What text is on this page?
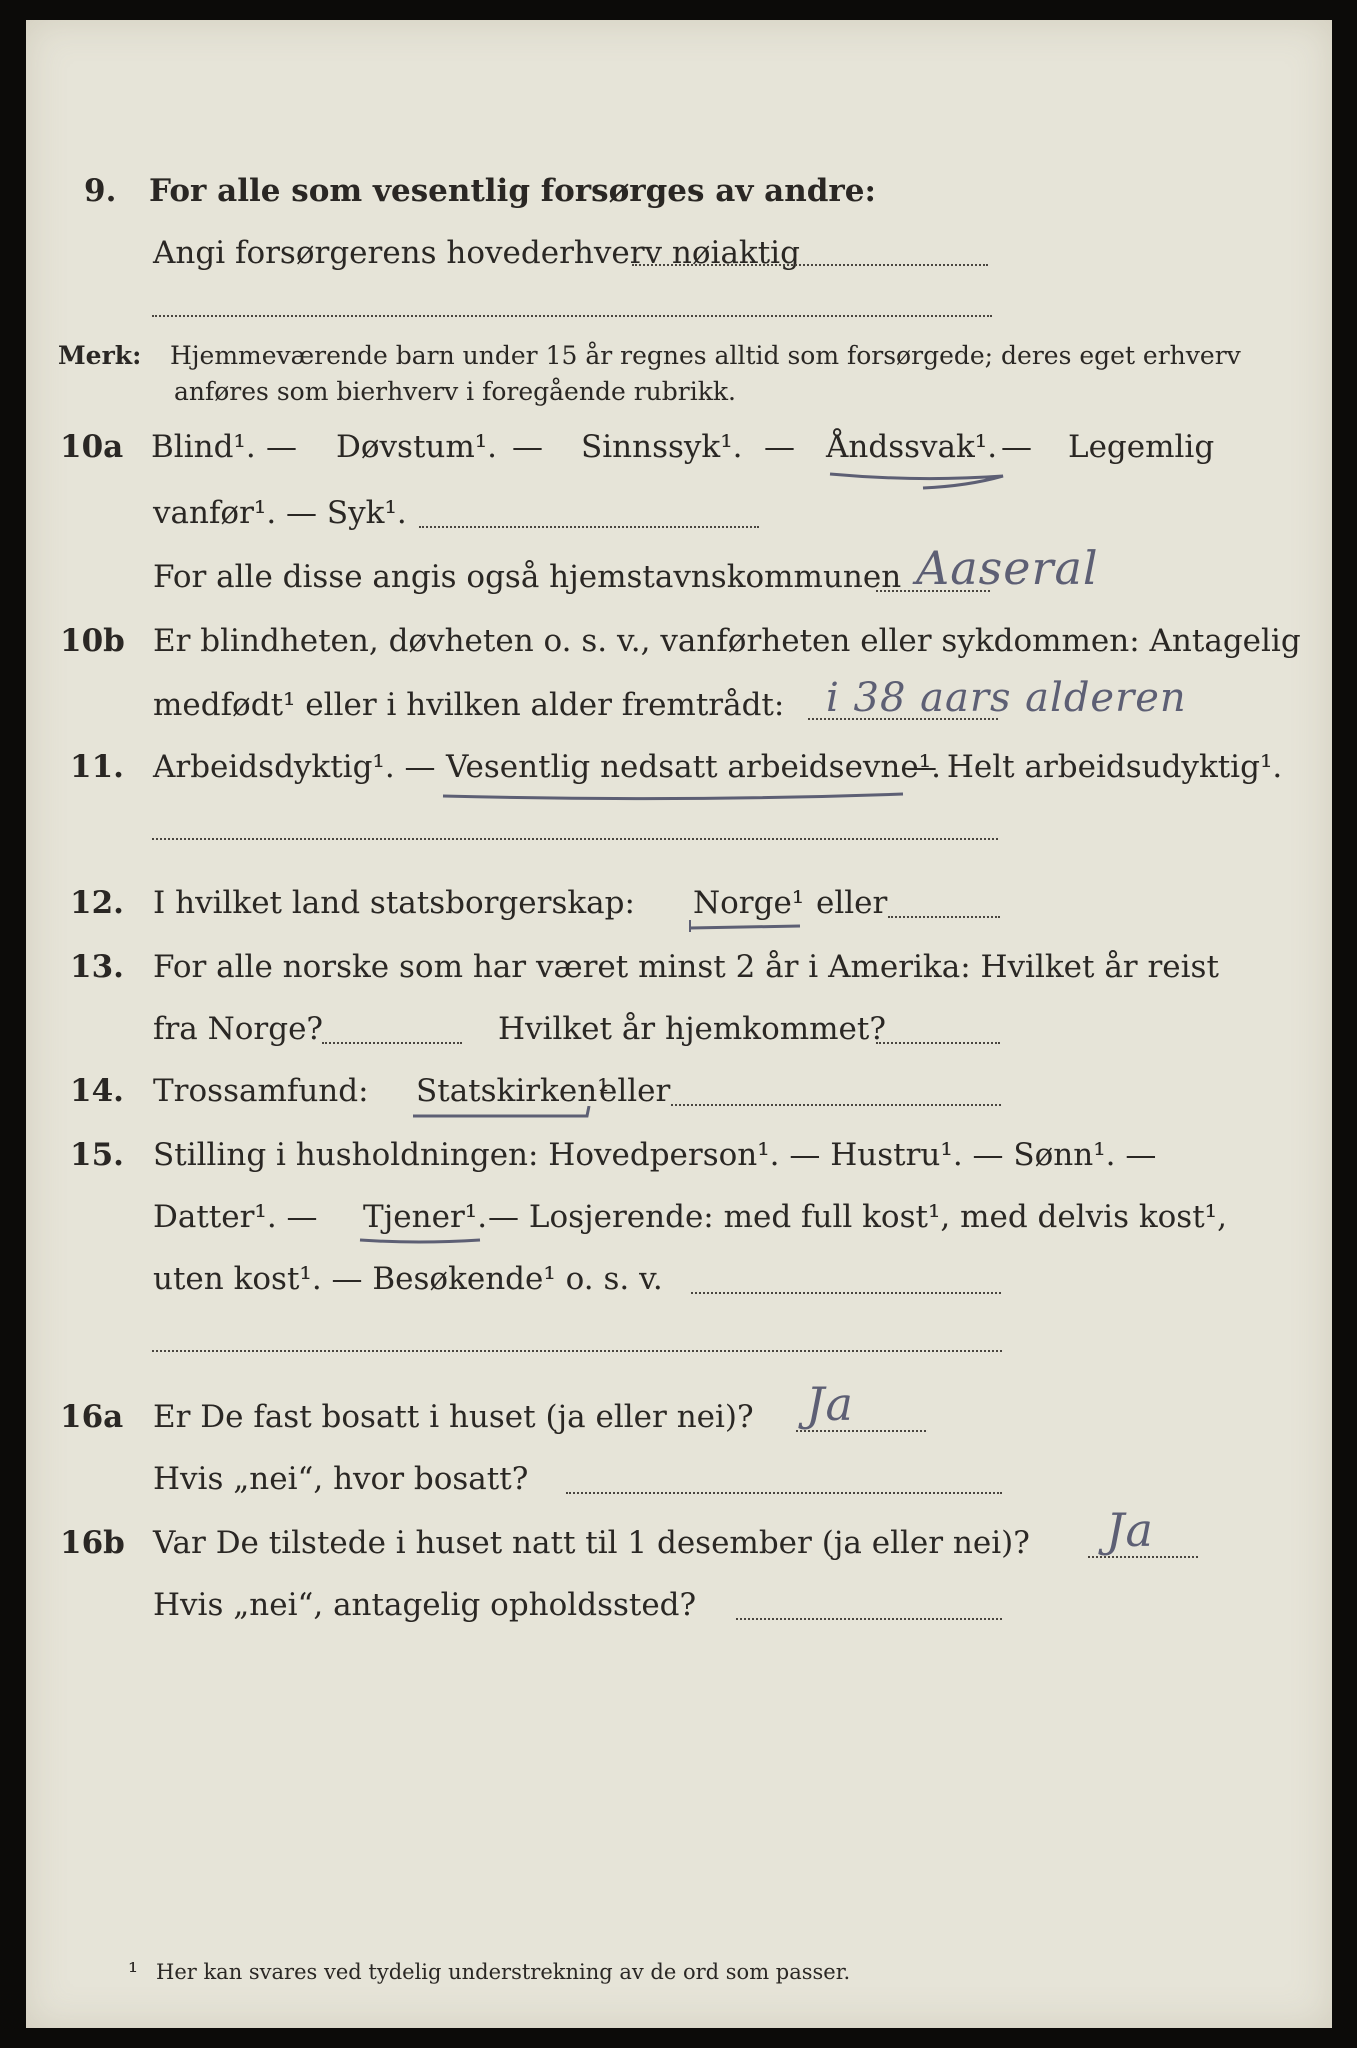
9. For alle som vesentlig forsørges av andre:
Angi forsørgerens hovederhverv nøiaktig
Merk: Hjemmeværende barn under 15 år regnes alltid som forsørgede; deres eget erhverv
anføres som bierhverv i foregående rubrikk.
10a Blind¹. — Døvstum¹. — Sinnssyk¹. — Åndssvak¹. — Legemlig
vanfør¹. — Syk¹.
For alle disse angis også hjemstavnskommunen Aaseral
10b Er blindheten, døvheten o. s. v., vanførheten eller sykdommen: Antagelig
medfødt¹ eller i hvilken alder fremtrådt: i 38 aars alderen
11. Arbeidsdyktig¹. — Vesentlig nedsatt arbeidsevne¹.
— Helt arbeidsudyktig¹.
12. I hvilket land statsborgerskap: Norge¹ eller
13. For alle norske som har været minst 2 år i Amerika: Hvilket år reist
fra Norge?	Hvilket år hjemkommet?
14. Trossamfund: Statskirken¹
eller
15. Stilling i husholdningen: Hovedperson¹. — Hustru¹. — Sønn¹. —
Datter¹. — Tjener¹. — Losjerende: med full kost¹, med delvis kost¹,
uten kost¹. — Besøkende¹ o. s. v.
16a Er De fast bosatt i huset (ja eller nei)? Ja
Hvis „nei“, hvor bosatt?
16b Var De tilstede i huset natt til 1 desember (ja eller nei)? Ja
Hvis „nei“, antagelig opholdssted?
¹ Her kan svares ved tydelig understrekning av de ord som passer.
